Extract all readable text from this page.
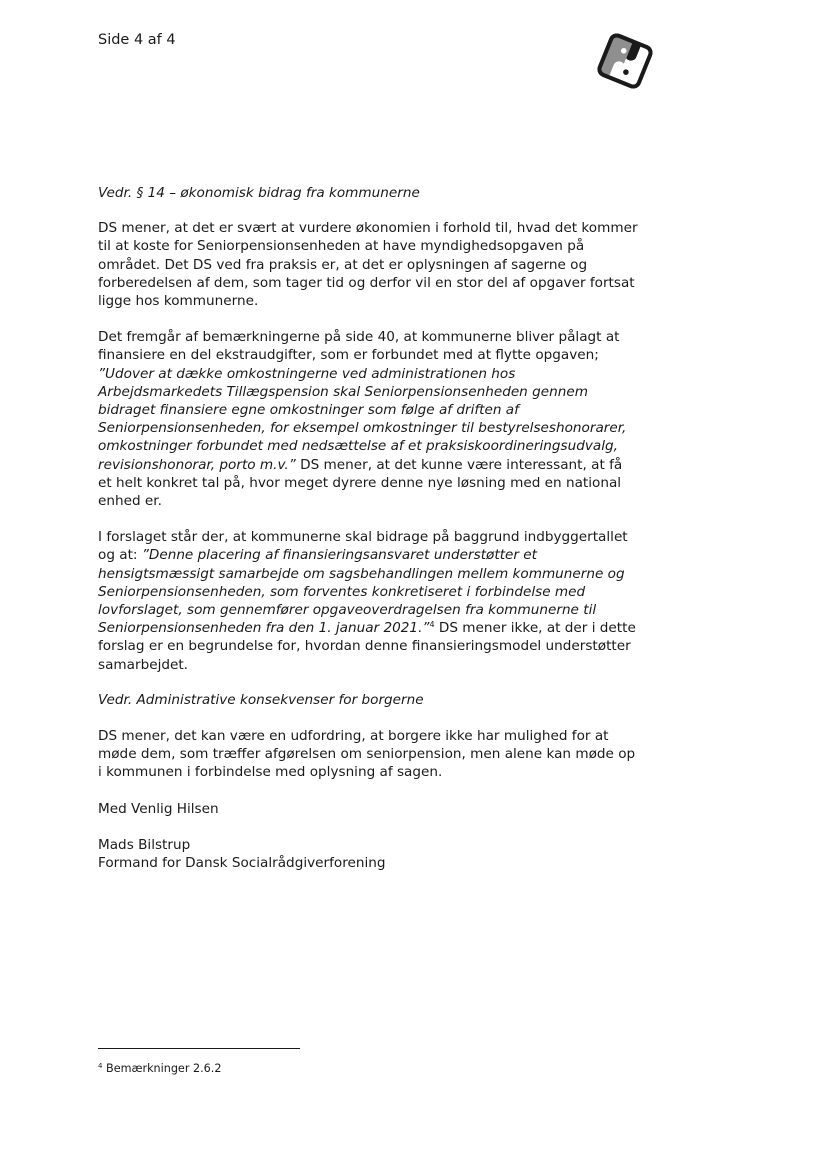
Side 4 af 4

Vedr. § 14 – økonomisk bidrag fra kommunerne

DS mener, at det er svært at vurdere økonomien i forhold til, hvad det kommer til at koste for Seniorpensionsenheden at have myndighedsopgaven på området. Det DS ved fra praksis er, at det er oplysningen af sagerne og forberedelsen af dem, som tager tid og derfor vil en stor del af opgaver fortsat ligge hos kommunerne.

Det fremgår af bemærkningerne på side 40, at kommunerne bliver pålagt at finansiere en del ekstraudgifter, som er forbundet med at flytte opgaven; ”Udover at dække omkostningerne ved administrationen hos Arbejdsmarkedets Tillægspension skal Seniorpensionsenheden gennem bidraget finansiere egne omkostninger som følge af driften af Seniorpensionsenheden, for eksempel omkostninger til bestyrelseshonorarer, omkostninger forbundet med nedsættelse af et praksiskoordineringsudvalg, revisionshonorar, porto m.v.” DS mener, at det kunne være interessant, at få et helt konkret tal på, hvor meget dyrere denne nye løsning med en national enhed er.

I forslaget står der, at kommunerne skal bidrage på baggrund indbyggertallet og at: ”Denne placering af finansieringsansvaret understøtter et hensigtsmæssigt samarbejde om sagsbehandlingen mellem kommunerne og Seniorpensionsenheden, som forventes konkretiseret i forbindelse med lovforslaget, som gennemfører opgaveoverdragelsen fra kommunerne til Seniorpensionsenheden fra den 1. januar 2021.”$^4$ DS mener ikke, at der i dette forslag er en begrundelse for, hvordan denne finansieringsmodel understøtter samarbejdet.

Vedr. Administrative konsekvenser for borgerne

DS mener, det kan være en udfordring, at borgere ikke har mulighed for at møde dem, som træffer afgørelsen om seniorpension, men alene kan møde op i kommunen i forbindelse med oplysning af sagen.

Med Venlig Hilsen

Mads Bilstrup

Formand for Dansk Socialrådgiverforening

$^4$ Bemærkninger 2.6.2
